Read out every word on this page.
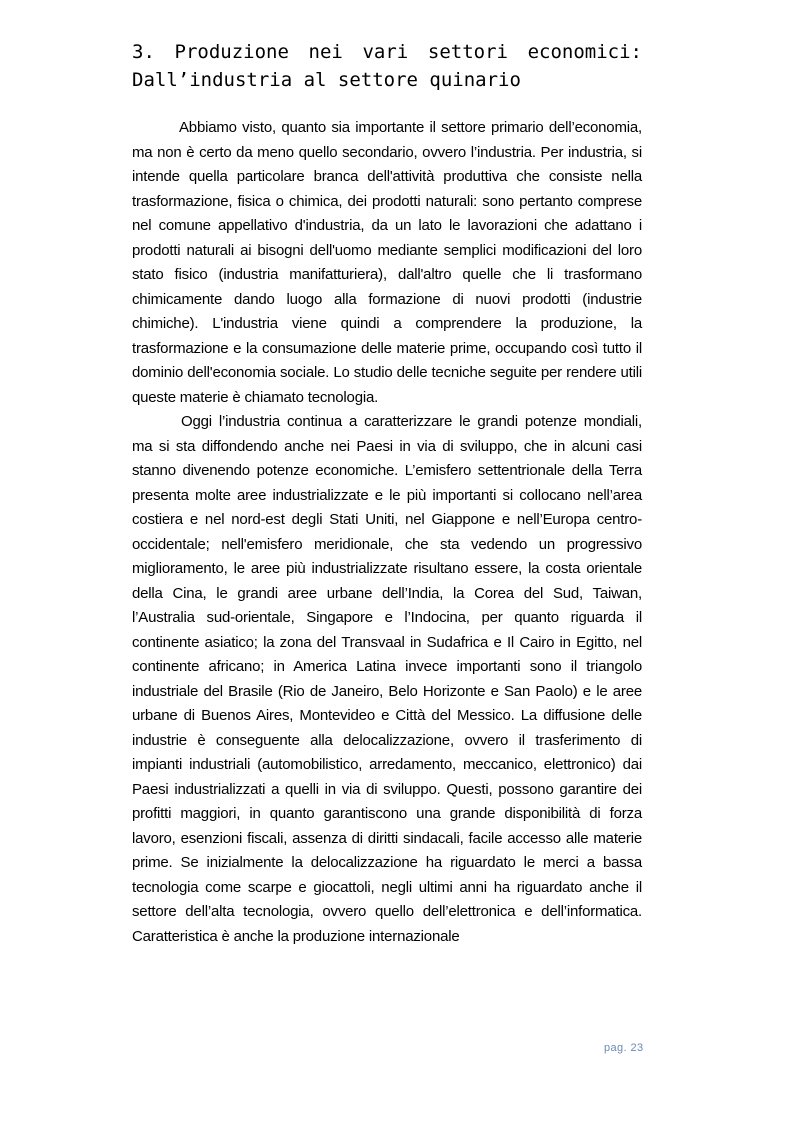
3. Produzione nei vari settori economici:
Dall’industria al settore quinario

Abbiamo visto, quanto sia importante il settore primario dell’economia, ma non è certo da meno quello secondario, ovvero l’industria. Per industria, si intende quella particolare branca dell'attività produttiva che consiste nella trasformazione, fisica o chimica, dei prodotti naturali: sono pertanto comprese nel comune appellativo d'industria, da un lato le lavorazioni che adattano i prodotti naturali ai bisogni dell'uomo mediante semplici modificazioni del loro stato fisico (industria manifatturiera), dall'altro quelle che li trasformano chimicamente dando luogo alla formazione di nuovi prodotti (industrie chimiche). L'industria viene quindi a comprendere la produzione, la trasformazione e la consumazione delle materie prime, occupando così tutto il dominio dell'economia sociale. Lo studio delle tecniche seguite per rendere utili queste materie è chiamato tecnologia.

Oggi l’industria continua a caratterizzare le grandi potenze mondiali, ma si sta diffondendo anche nei Paesi in via di sviluppo, che in alcuni casi stanno divenendo potenze economiche. L’emisfero settentrionale della Terra presenta molte aree industrializzate e le più importanti si collocano nell’area costiera e nel nord-est degli Stati Uniti, nel Giappone e nell’Europa centro-occidentale; nell'emisfero meridionale, che sta vedendo un progressivo miglioramento, le aree più industrializzate risultano essere, la costa orientale della Cina, le grandi aree urbane dell’India, la Corea del Sud, Taiwan, l’Australia sud-orientale, Singapore e l’Indocina, per quanto riguarda il continente asiatico; la zona del Transvaal in Sudafrica e Il Cairo in Egitto, nel continente africano; in America Latina invece importanti sono il triangolo industriale del Brasile (Rio de Janeiro, Belo Horizonte e San Paolo) e le aree urbane di Buenos Aires, Montevideo e Città del Messico. La diffusione delle industrie è conseguente alla delocalizzazione, ovvero il trasferimento di impianti industriali (automobilistico, arredamento, meccanico, elettronico) dai Paesi industrializzati a quelli in via di sviluppo. Questi, possono garantire dei profitti maggiori, in quanto garantiscono una grande disponibilità di forza lavoro, esenzioni fiscali, assenza di diritti sindacali, facile accesso alle materie prime. Se inizialmente la delocalizzazione ha riguardato le merci a bassa tecnologia come scarpe e giocattoli, negli ultimi anni ha riguardato anche il settore dell’alta tecnologia, ovvero quello dell’elettronica e dell’informatica. Caratteristica è anche la produzione internazionale

pag. 23
